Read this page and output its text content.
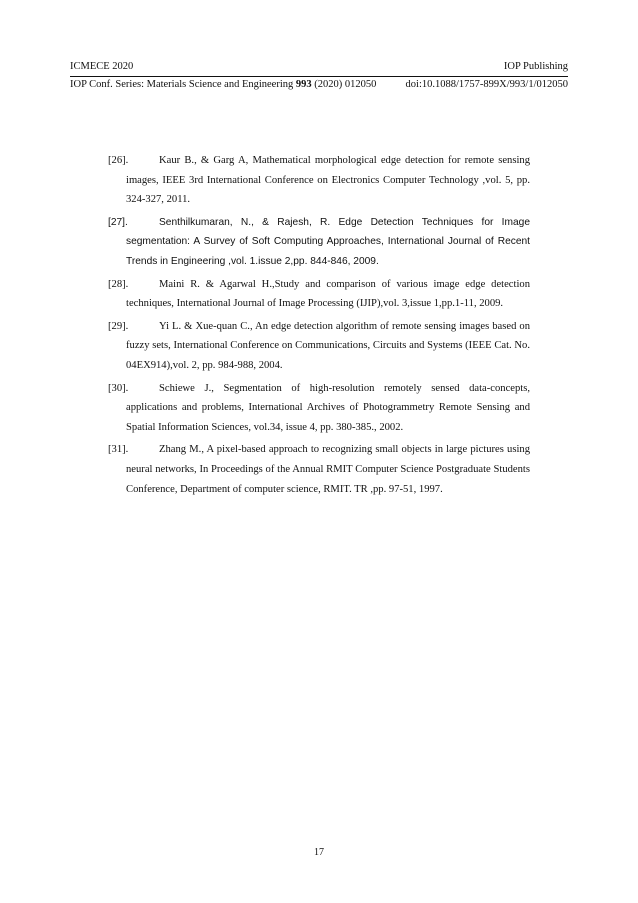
ICMECE 2020	IOP Publishing
IOP Conf. Series: Materials Science and Engineering 993 (2020) 012050	doi:10.1088/1757-899X/993/1/012050

[26].	Kaur B., & Garg A, Mathematical morphological edge detection for remote sensing images, IEEE 3rd International Conference on Electronics Computer Technology ,vol. 5, pp. 324-327, 2011.

[27].	Senthilkumaran, N., & Rajesh, R. Edge Detection Techniques for Image segmentation: A Survey of Soft Computing Approaches, International Journal of Recent Trends in Engineering ,vol. 1.issue 2,pp. 844-846, 2009.

[28].	Maini R. & Agarwal H.,Study and comparison of various image edge detection techniques, International Journal of Image Processing (IJIP),vol. 3,issue 1,pp.1-11, 2009.

[29].	Yi L. & Xue-quan C., An edge detection algorithm of remote sensing images based on fuzzy sets, International Conference on Communications, Circuits and Systems (IEEE Cat. No. 04EX914),vol. 2, pp. 984-988, 2004.

[30].	Schiewe J., Segmentation of high-resolution remotely sensed data-concepts, applications and problems, International Archives of Photogrammetry Remote Sensing and Spatial Information Sciences, vol.34, issue 4, pp. 380-385., 2002.

[31].	Zhang M., A pixel-based approach to recognizing small objects in large pictures using neural networks, In Proceedings of the Annual RMIT Computer Science Postgraduate Students Conference, Department of computer science, RMIT. TR ,pp. 97-51, 1997.

17
